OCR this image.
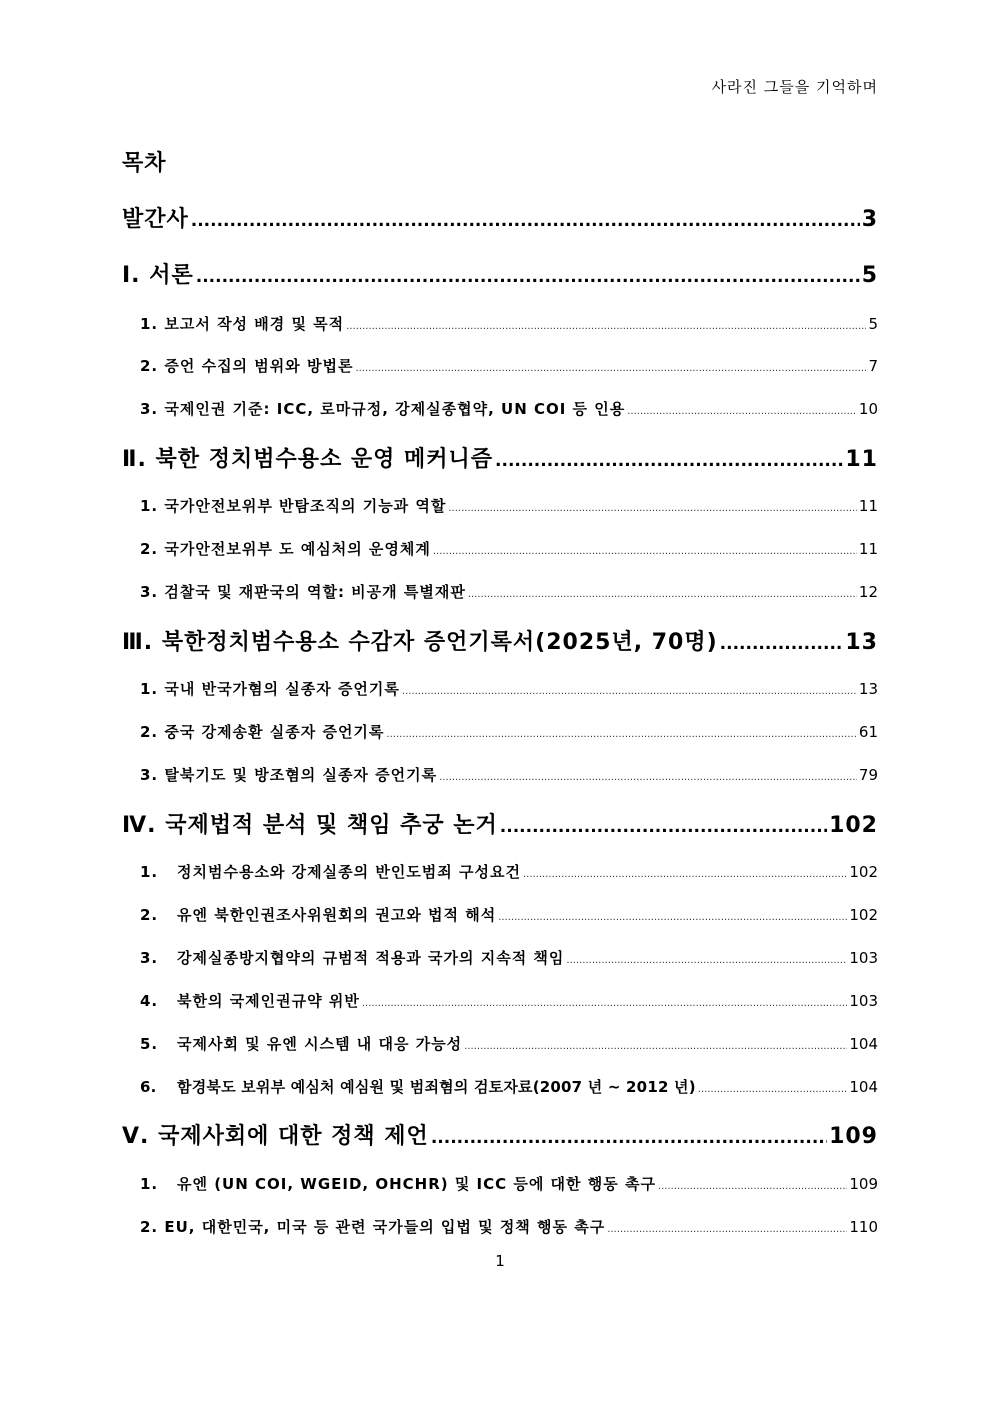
사라진 그들을 기억하며
목차
발간사 .....	3
Ⅰ. 서론 .....	5
1. 보고서 작성 배경 및 목적 .....	5
2. 증언 수집의 범위와 방법론 .....	7
3. 국제인권 기준: ICC, 로마규정, 강제실종협약, UN COI 등 인용 .....	10
Ⅱ. 북한 정치범수용소 운영 메커니즘 .....	11
1. 국가안전보위부 반탐조직의 기능과 역할 .....	11
2. 국가안전보위부 도 예심처의 운영체계 .....	11
3. 검찰국 및 재판국의 역할: 비공개 특별재판 .....	12
Ⅲ. 북한정치범수용소 수감자 증언기록서(2025년, 70명) .....	13
1. 국내 반국가혐의 실종자 증언기록 .....	13
2. 중국 강제송환 실종자 증언기록 .....	61
3. 탈북기도 및 방조혐의 실종자 증언기록 .....	79
Ⅳ. 국제법적 분석 및 책임 추궁 논거 .....	102
1. 정치범수용소와 강제실종의 반인도범죄 구성요건 .....	102
2. 유엔 북한인권조사위원회의 권고와 법적 해석 .....	102
3. 강제실종방지협약의 규범적 적용과 국가의 지속적 책임 .....	103
4. 북한의 국제인권규약 위반 .....	103
5. 국제사회 및 유엔 시스템 내 대응 가능성 .....	104
6. 함경북도 보위부 예심처 예심원 및 범죄혐의 검토자료(2007 년 ~ 2012 년) .....	104
Ⅴ. 국제사회에 대한 정책 제언 .....	109
1. 유엔 (UN COI, WGEID, OHCHR) 및 ICC 등에 대한 행동 촉구 .....	109
2. EU, 대한민국, 미국 등 관련 국가들의 입법 및 정책 행동 촉구 .....	110
1
